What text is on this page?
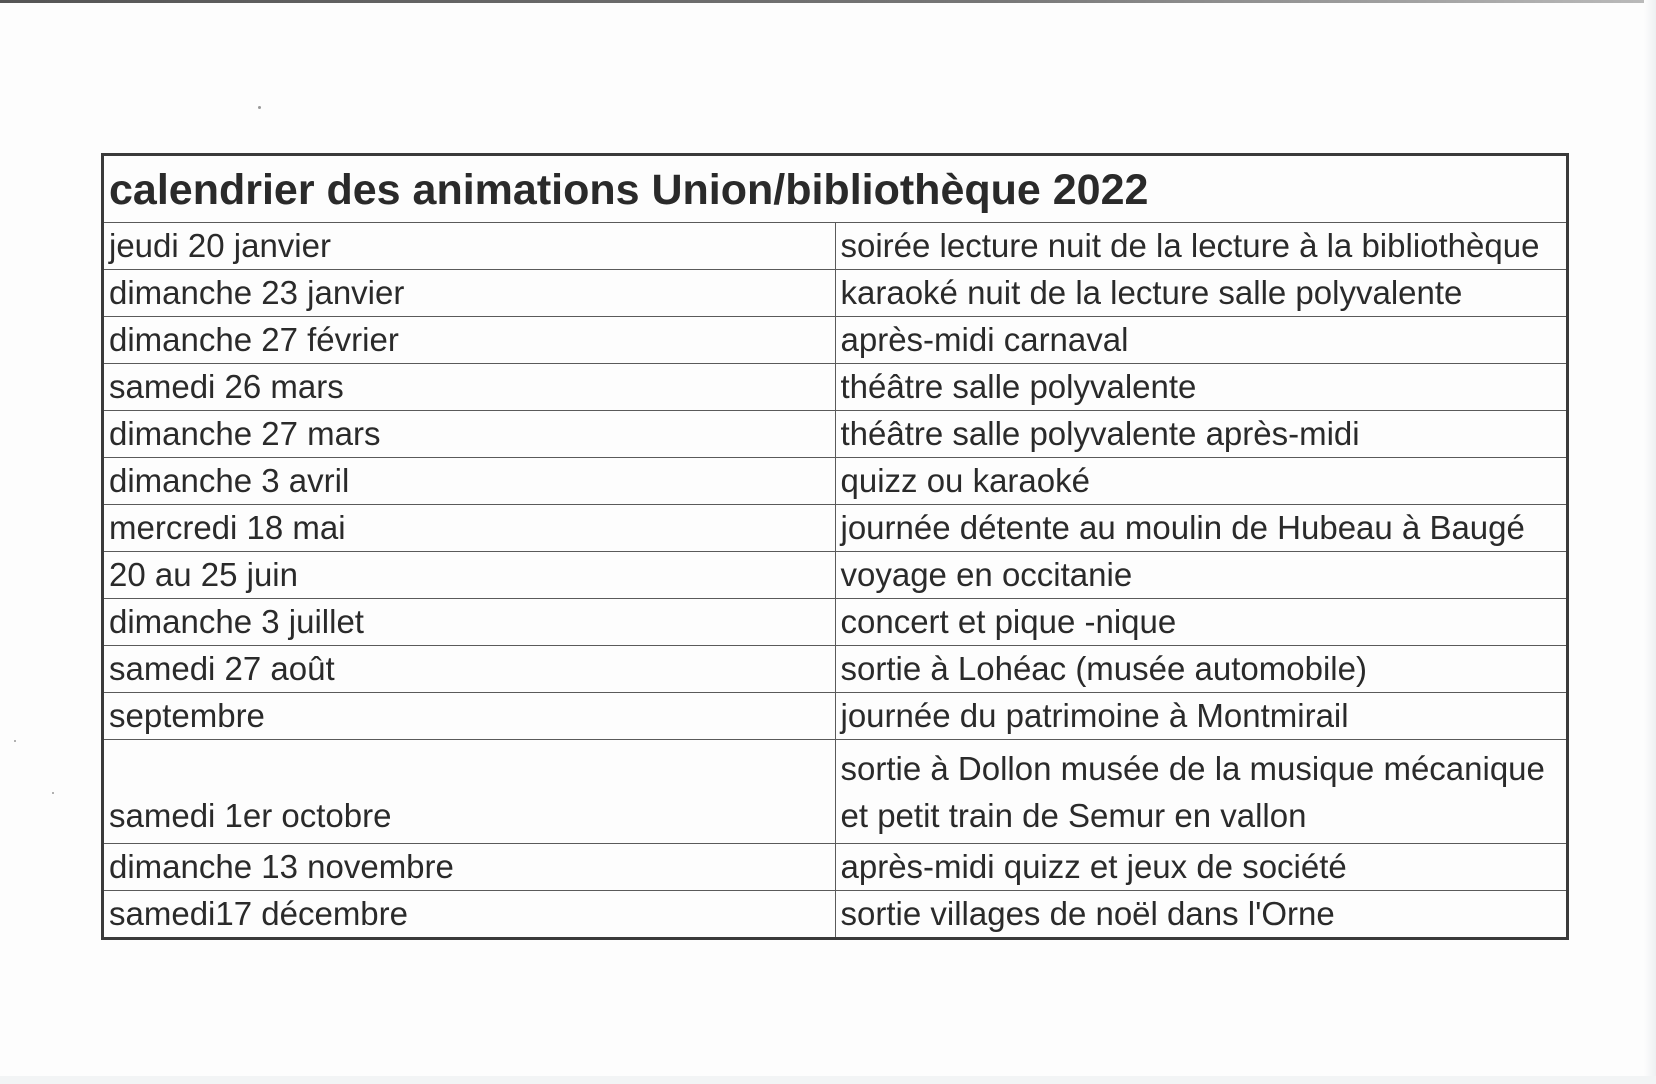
calendrier des animations Union/bibliothèque 2022	
jeudi 20 janvier	soirée lecture nuit de la lecture à la bibliothèque
dimanche 23 janvier	karaoké nuit de la lecture salle polyvalente
dimanche 27 février	après-midi carnaval
samedi 26 mars	théâtre salle polyvalente
dimanche 27 mars	théâtre salle polyvalente après-midi
dimanche 3 avril	quizz ou karaoké
mercredi 18 mai	journée détente au moulin de Hubeau à Baugé
20 au 25 juin	voyage en occitanie
dimanche 3 juillet	concert et pique -nique
samedi 27 août	sortie à Lohéac (musée automobile)
septembre	journée du patrimoine à Montmirail
samedi 1er octobre	sortie à Dollon musée de la musique mécanique et petit train de Semur en vallon
dimanche 13 novembre	après-midi quizz et jeux de société
samedi17 décembre	sortie villages de noël dans l'Orne
